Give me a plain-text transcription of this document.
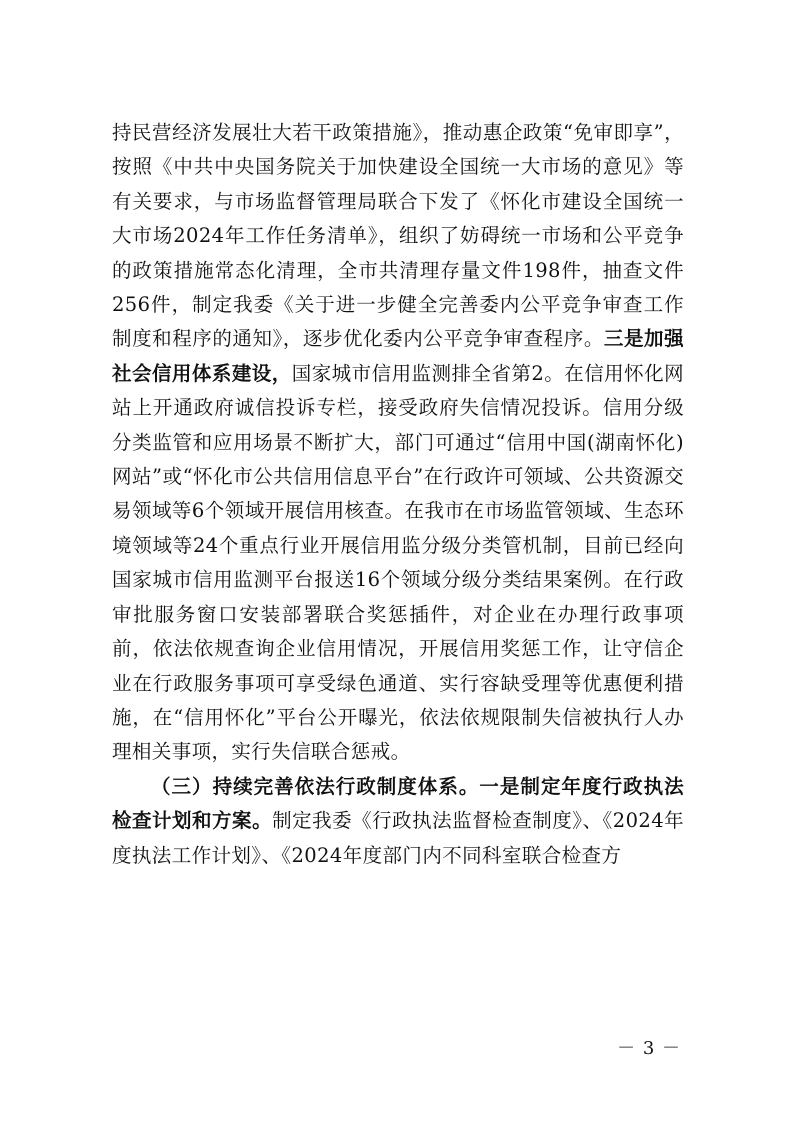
持民营经济发展壮大若干政策措施》，推动惠企政策“免审即享”，按照《中共中央国务院关于加快建设全国统一大市场的意见》等有关要求，与市场监督管理局联合下发了《怀化市建设全国统一大市场2024年工作任务清单》，组织了妨碍统一市场和公平竞争的政策措施常态化清理，全市共清理存量文件198件，抽查文件256件，制定我委《关于进一步健全完善委内公平竞争审查工作制度和程序的通知》，逐步优化委内公平竞争审查程序。三是加强社会信用体系建设，国家城市信用监测排全省第2。在信用怀化网站上开通政府诚信投诉专栏，接受政府失信情况投诉。信用分级分类监管和应用场景不断扩大，部门可通过“信用中国(湖南怀化)网站”或“怀化市公共信用信息平台”在行政许可领域、公共资源交易领域等6个领域开展信用核查。在我市在市场监管领域、生态环境领域等24个重点行业开展信用监分级分类管机制，目前已经向国家城市信用监测平台报送16个领域分级分类结果案例。在行政审批服务窗口安装部署联合奖惩插件，对企业在办理行政事项前，依法依规查询企业信用情况，开展信用奖惩工作，让守信企业在行政服务事项可享受绿色通道、实行容缺受理等优惠便利措施，在“信用怀化”平台公开曝光，依法依规限制失信被执行人办理相关事项，实行失信联合惩戒。

（三）持续完善依法行政制度体系。一是制定年度行政执法检查计划和方案。制定我委《行政执法监督检查制度》、《2024年度执法工作计划》、《2024年度部门内不同科室联合检查方

－ 3 －
